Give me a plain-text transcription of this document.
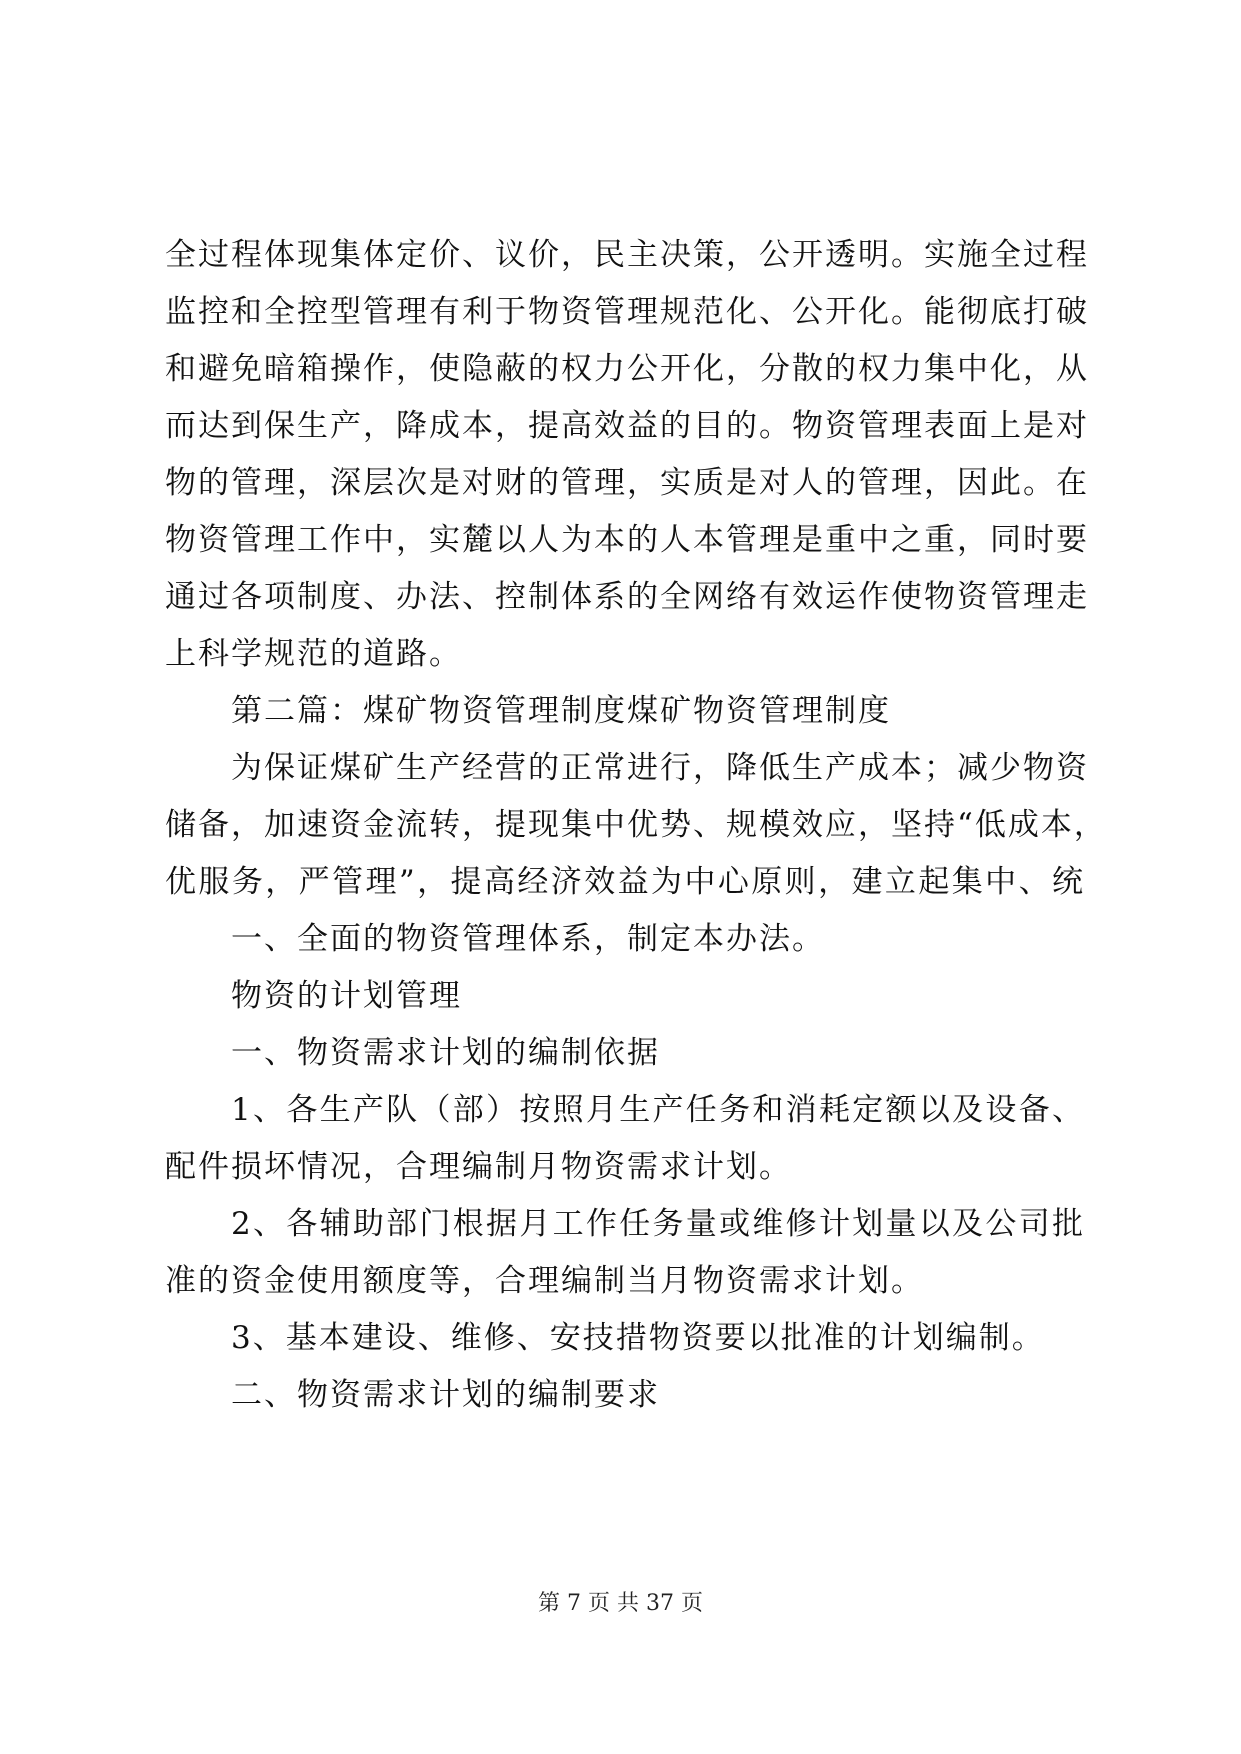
全过程体现集体定价、议价，民主决策，公开透明。实施全过程
监控和全控型管理有利于物资管理规范化、公开化。能彻底打破
和避免暗箱操作，使隐蔽的权力公开化，分散的权力集中化，从
而达到保生产，降成本，提高效益的目的。物资管理表面上是对
物的管理，深层次是对财的管理，实质是对人的管理，因此。在
物资管理工作中，实麓以人为本的人本管理是重中之重，同时要
通过各项制度、办法、控制体系的全网络有效运作使物资管理走
上科学规范的道路。
第二篇：煤矿物资管理制度煤矿物资管理制度
为保证煤矿生产经营的正常进行，降低生产成本；减少物资
储备，加速资金流转，提现集中优势、规模效应，坚持“低成本，
优服务，严管理”，提高经济效益为中心原则，建立起集中、统
一、全面的物资管理体系，制定本办法。
物资的计划管理
一、物资需求计划的编制依据
1、各生产队（部）按照月生产任务和消耗定额以及设备、
配件损坏情况，合理编制月物资需求计划。
2、各辅助部门根据月工作任务量或维修计划量以及公司批
准的资金使用额度等，合理编制当月物资需求计划。
3、基本建设、维修、安技措物资要以批准的计划编制。
二、物资需求计划的编制要求
第 7 页 共 37 页
